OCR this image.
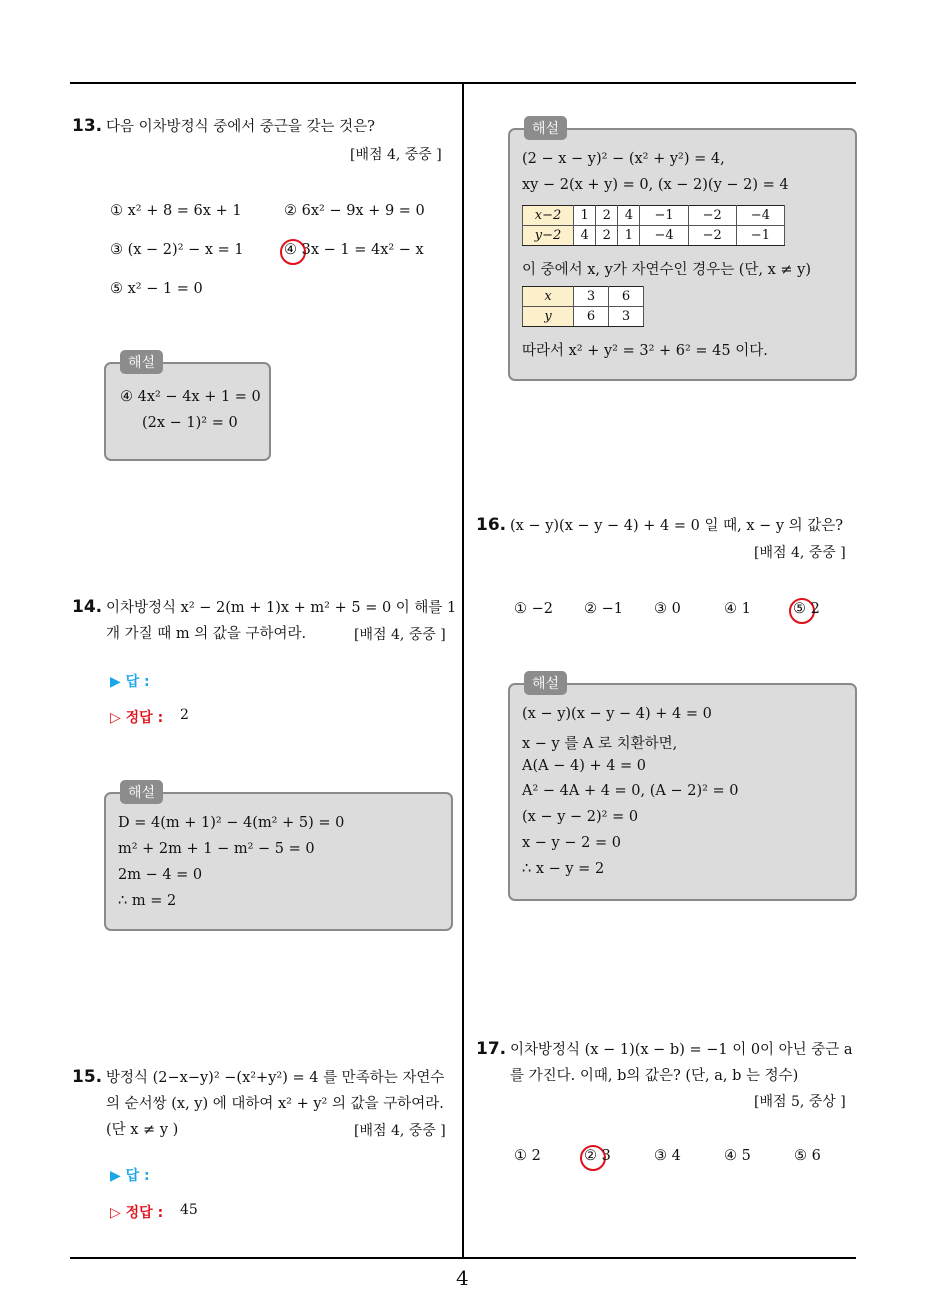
13. 다음 이차방정식 중에서 중근을 갖는 것은?
[배점 4, 중중 ]
① x² + 8 = 6x + 1	② 6x² − 9x + 9 = 0
③ (x − 2)² − x = 1	④ 3x − 1 = 4x² − x
⑤ x² − 1 = 0
해설
④ 4x² − 4x + 1 = 0
(2x − 1)² = 0
14. 이차방정식 x² − 2(m + 1)x + m² + 5 = 0 이 해를 1
개 가질 때 m 의 값을 구하여라.	[배점 4, 중중 ]
▶ 답 :
▷ 정답 : 2
해설
D = 4(m + 1)² − 4(m² + 5) = 0
m² + 2m + 1 − m² − 5 = 0
2m − 4 = 0
∴ m = 2
15. 방정식 (2−x−y)² −(x²+y²) = 4 를 만족하는 자연수
의 순서쌍 (x, y) 에 대하여 x² + y² 의 값을 구하여라.
(단 x ≠ y )	[배점 4, 중중 ]
▶ 답 :
▷ 정답 : 45
해설
(2 − x − y)² − (x² + y²) = 4,
xy − 2(x + y) = 0, (x − 2)(y − 2) = 4
x−2	1	2	4	−1	−2	−4
y−2	4	2	1	−4	−2	−1
이 중에서 x, y가 자연수인 경우는 (단, x ≠ y)
x	3	6
y	6	3
따라서 x² + y² = 3² + 6² = 45 이다.
16. (x − y)(x − y − 4) + 4 = 0 일 때, x − y 의 값은?
[배점 4, 중중 ]
① −2 ② −1 ③ 0	④ 1	⑤ 2
해설
(x − y)(x − y − 4) + 4 = 0
x − y 를 A 로 치환하면,
A(A − 4) + 4 = 0
A² − 4A + 4 = 0, (A − 2)² = 0
(x − y − 2)² = 0
x − y − 2 = 0
∴ x − y = 2
17. 이차방정식 (x − 1)(x − b) = −1 이 0이 아닌 중근 a
를 가진다. 이때, b의 값은? (단, a, b 는 정수)
[배점 5, 중상 ]
① 2	② 3	③ 4	④ 5	⑤ 6
4
